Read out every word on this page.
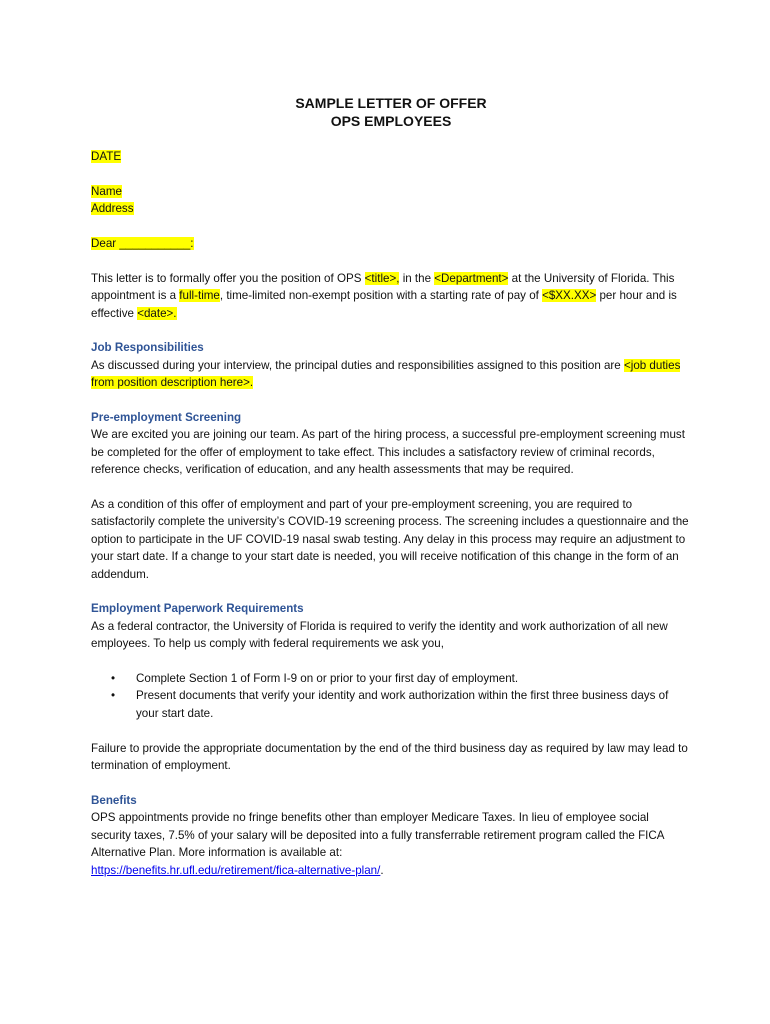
SAMPLE LETTER OF OFFER

OPS EMPLOYEES

DATE

Name

Address

Dear ___________:

This letter is to formally offer you the position of OPS <title>, in the <Department> at the University of Florida. This appointment is a full-time, time-limited non-exempt position with a starting rate of pay of <$XX.XX> per hour and is effective <date>.

Job Responsibilities

As discussed during your interview, the principal duties and responsibilities assigned to this position are <job duties from position description here>.

Pre-employment Screening

We are excited you are joining our team. As part of the hiring process, a successful pre-employment screening must be completed for the offer of employment to take effect. This includes a satisfactory review of criminal records, reference checks, verification of education, and any health assessments that may be required.

As a condition of this offer of employment and part of your pre-employment screening, you are required to satisfactorily complete the university’s COVID-19 screening process. The screening includes a questionnaire and the option to participate in the UF COVID-19 nasal swab testing. Any delay in this process may require an adjustment to your start date. If a change to your start date is needed, you will receive notification of this change in the form of an addendum.

Employment Paperwork Requirements

As a federal contractor, the University of Florida is required to verify the identity and work authorization of all new employees. To help us comply with federal requirements we ask you,

• Complete Section 1 of Form I-9 on or prior to your first day of employment.
• Present documents that verify your identity and work authorization within the first three business days of your start date.

Failure to provide the appropriate documentation by the end of the third business day as required by law may lead to termination of employment.

Benefits

OPS appointments provide no fringe benefits other than employer Medicare Taxes. In lieu of employee social security taxes, 7.5% of your salary will be deposited into a fully transferrable retirement program called the FICA Alternative Plan. More information is available at:

https://benefits.hr.ufl.edu/retirement/fica-alternative-plan/.
